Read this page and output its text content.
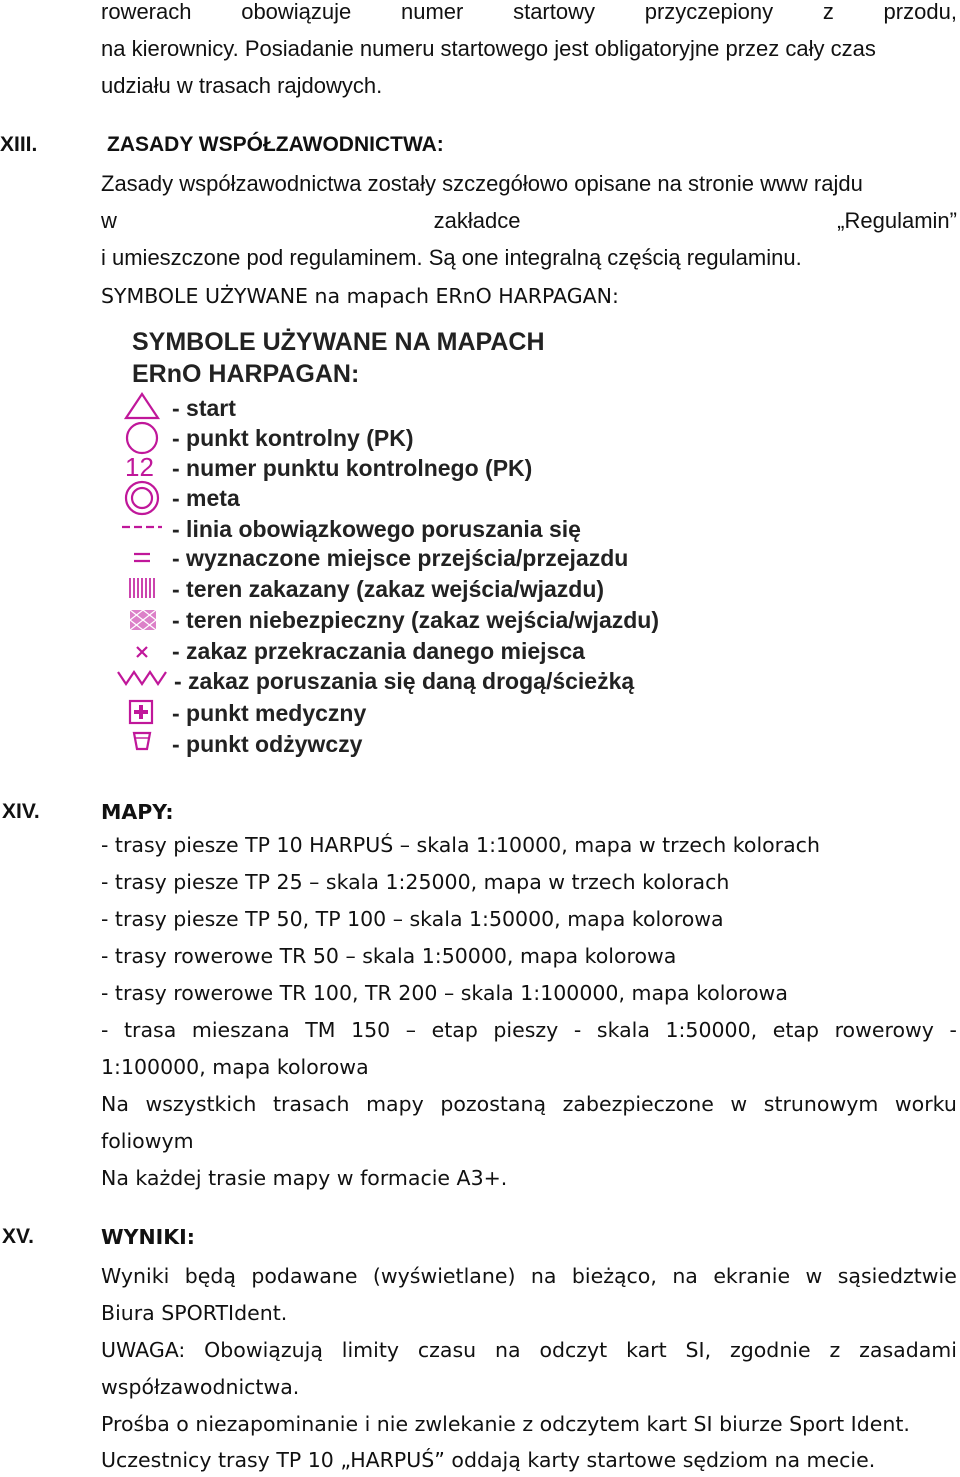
rowerach obowiązuje numer startowy przyczepiony z przodu,
na kierownicy. Posiadanie numeru startowego jest obligatoryjne przez cały czas
udziału w trasach rajdowych.
XIII.	ZASADY WSPÓŁZAWODNICTWA:
Zasady współzawodnictwa zostały szczegółowo opisane na stronie www rajdu
w	zakładce	„Regulamin”
i umieszczone pod regulaminem. Są one integralną częścią regulaminu.
SYMBOLE UŻYWANE na mapach ERnO HARPAGAN:
SYMBOLE UŻYWANE NA MAPACH
ERnO HARPAGAN:
12
- start
- punkt kontrolny (PK)
- numer punktu kontrolnego (PK)
- meta
- linia obowiązkowego poruszania się
- wyznaczone miejsce przejścia/przejazdu
- teren zakazany (zakaz wejścia/wjazdu)
- teren niebezpieczny (zakaz wejścia/wjazdu)
- zakaz przekraczania danego miejsca
- zakaz poruszania się daną drogą/ścieżką
- punkt medyczny
- punkt odżywczy
XIV.	MAPY:
- trasy piesze TP 10 HARPUŚ – skala 1:10000, mapa w trzech kolorach
- trasy piesze TP 25 – skala 1:25000, mapa w trzech kolorach
- trasy piesze TP 50, TP 100 – skala 1:50000, mapa kolorowa
- trasy rowerowe TR 50 – skala 1:50000, mapa kolorowa
- trasy rowerowe TR 100, TR 200 – skala 1:100000, mapa kolorowa
- trasa mieszana TM 150 – etap pieszy - skala 1:50000, etap rowerowy -
1:100000, mapa kolorowa
Na wszystkich trasach mapy pozostaną zabezpieczone w strunowym worku
foliowym
Na każdej trasie mapy w formacie A3+.
XV.	WYNIKI:
Wyniki będą podawane (wyświetlane) na bieżąco, na ekranie w sąsiedztwie
Biura SPORTIdent.
UWAGA: Obowiązują limity czasu na odczyt kart SI, zgodnie z zasadami
współzawodnictwa.
Prośba o niezapominanie i nie zwlekanie z odczytem kart SI biurze Sport Ident.
Uczestnicy trasy TP 10 „HARPUŚ” oddają karty startowe sędziom na mecie.
